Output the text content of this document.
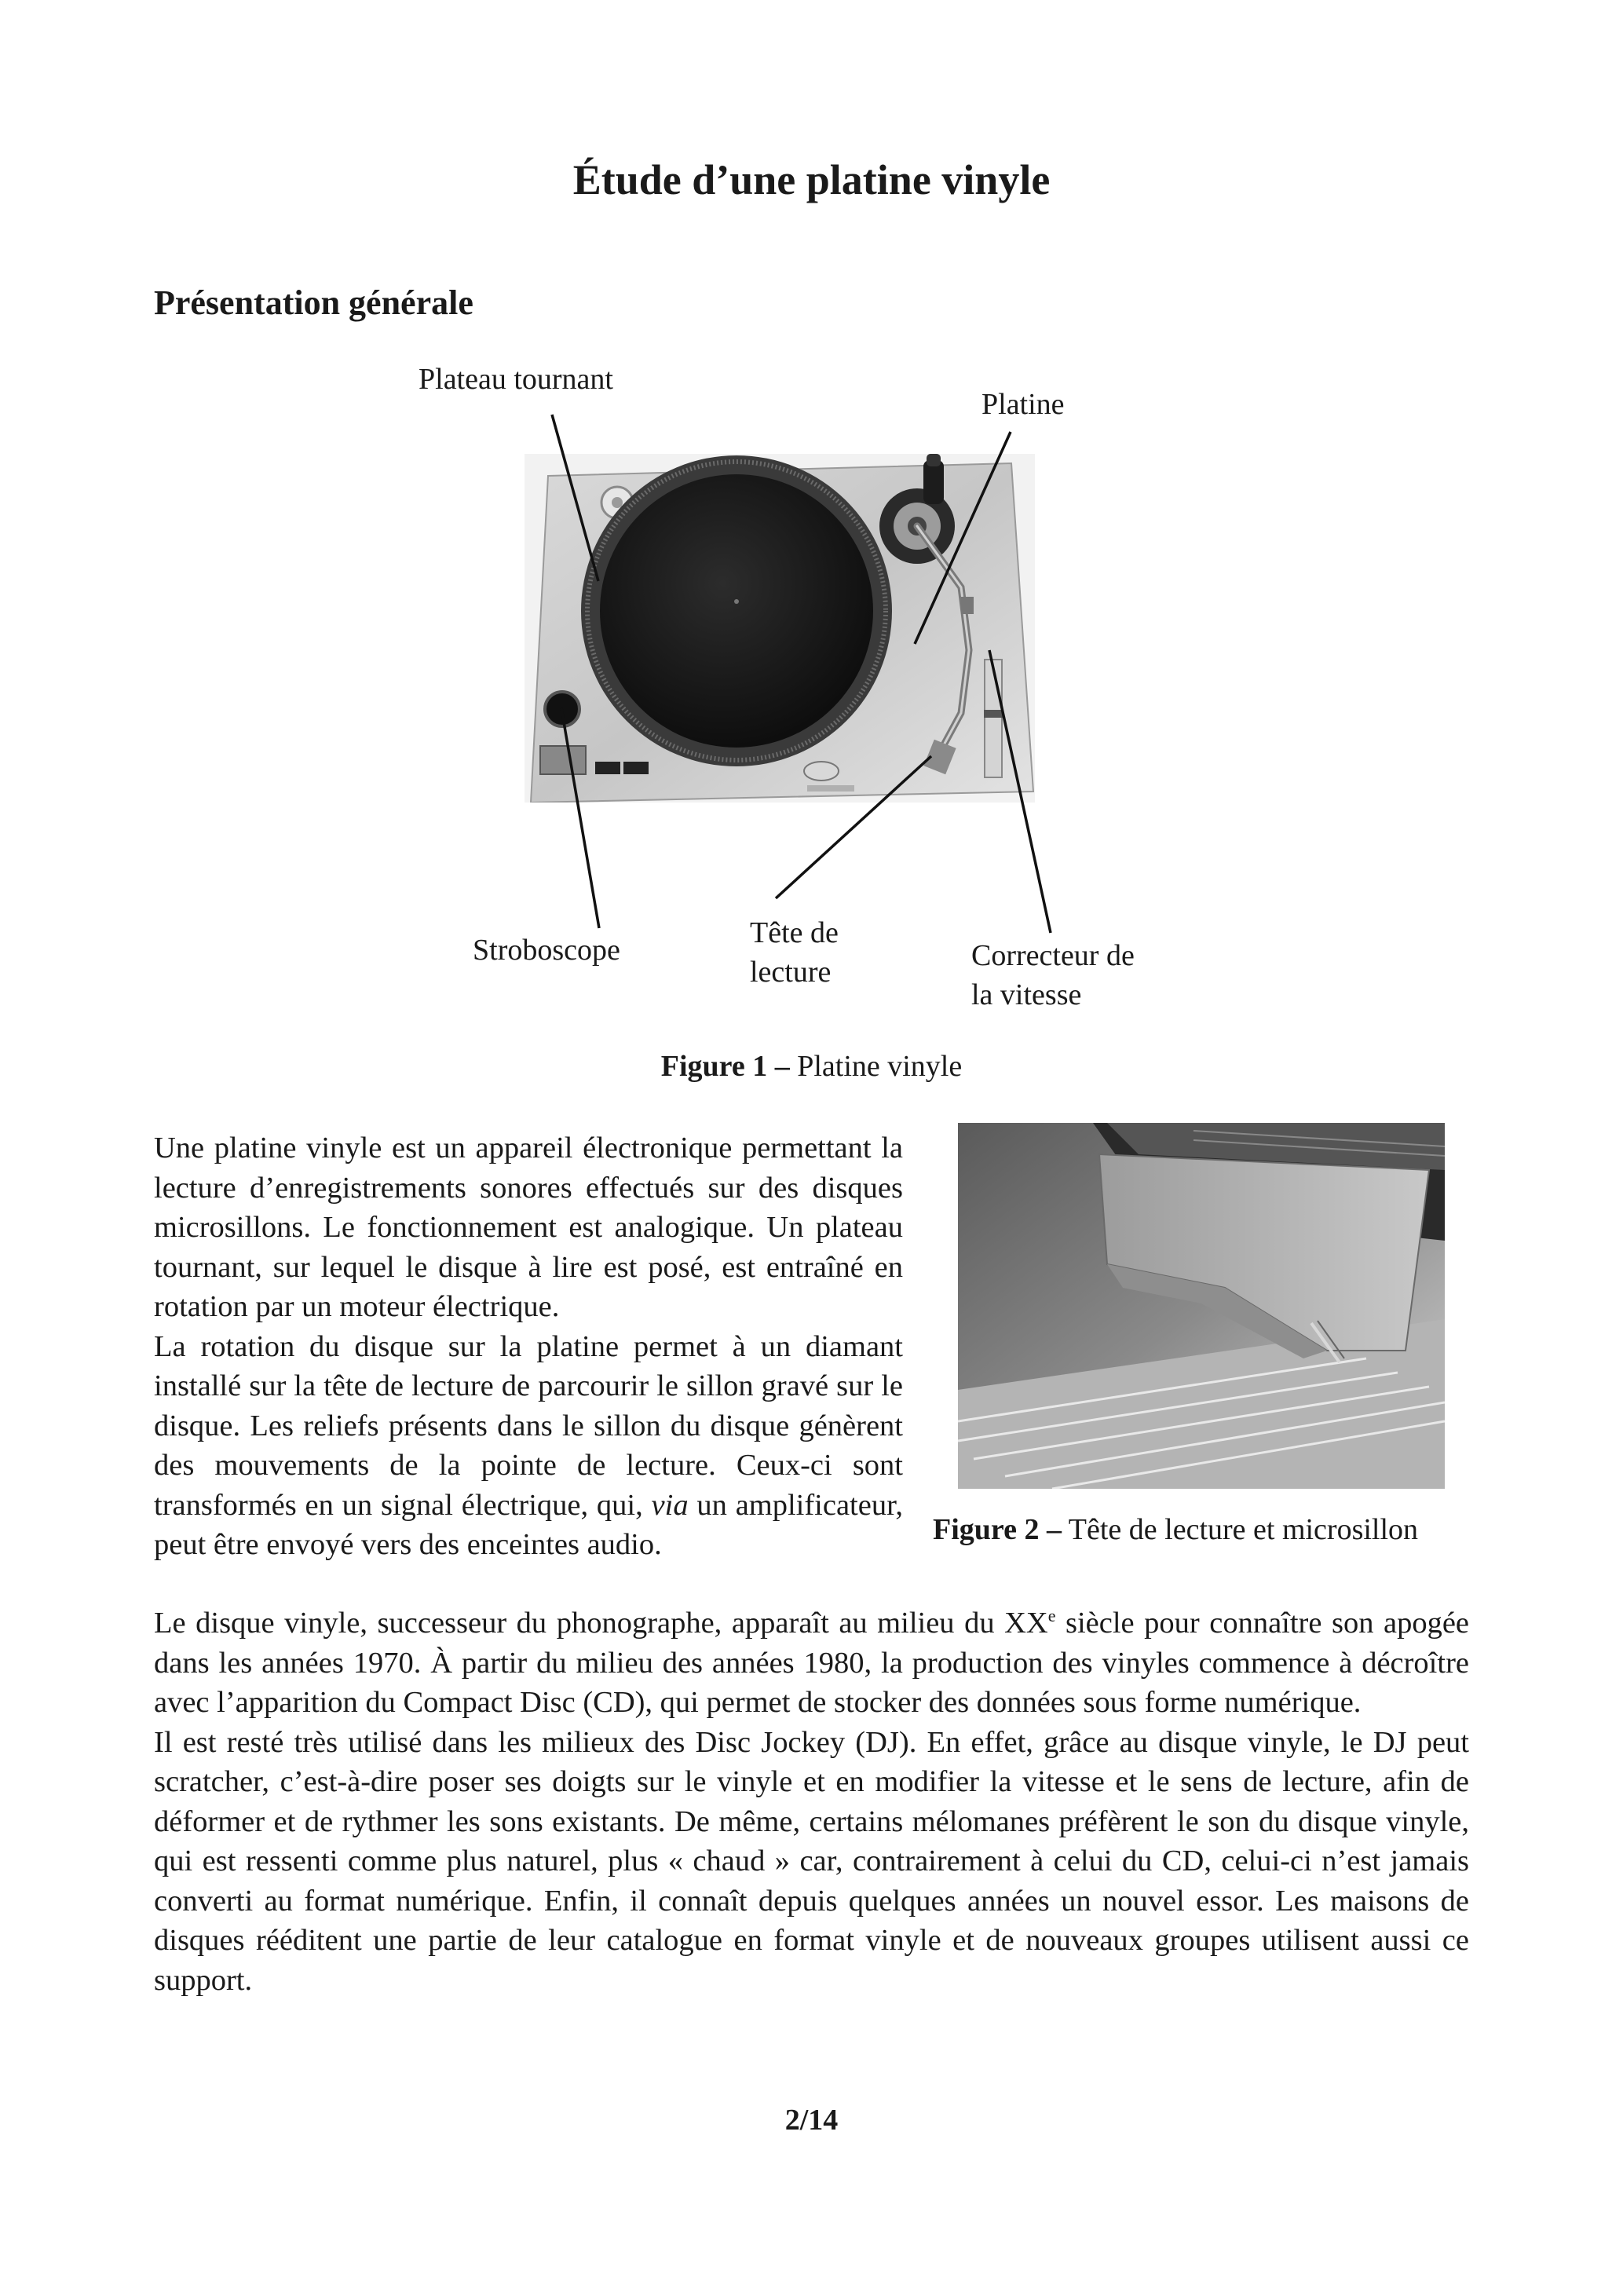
Étude d’une platine vinyle
Présentation générale
Plateau tournant
Platine
Stroboscope
Tête de
lecture	Correcteur de
la vitesse
Figure 1 – Platine vinyle

Une platine vinyle est un appareil électronique permettant la lecture d’enregistrements sonores effectués sur des disques microsillons. Le fonctionnement est analogique. Un plateau tournant, sur lequel le disque à lire est posé, est entraîné en rotation par un moteur électrique.

La rotation du disque sur la platine permet à un diamant installé sur la tête de lecture de parcourir le sillon gravé sur le disque. Les reliefs présents dans le sillon du disque génèrent des mouvements de la pointe de lecture. Ceux-ci sont transformés en un signal électrique, qui, via un amplificateur, peut être envoyé vers des enceintes audio.	Figure 2 – Tête de lecture et microsillon

Le disque vinyle, successeur du phonographe, apparaît au milieu du XXe siècle pour connaître son apogée dans les années 1970. À partir du milieu des années 1980, la production des vinyles commence à décroître avec l’apparition du Compact Disc (CD), qui permet de stocker des données sous forme numérique.

Il est resté très utilisé dans les milieux des Disc Jockey (DJ). En effet, grâce au disque vinyle, le DJ peut scratcher, c’est-à-dire poser ses doigts sur le vinyle et en modifier la vitesse et le sens de lecture, afin de déformer et de rythmer les sons existants. De même, certains mélomanes préfèrent le son du disque vinyle, qui est ressenti comme plus naturel, plus « chaud » car, contrairement à celui du CD, celui-ci n’est jamais converti au format numérique. Enfin, il connaît depuis quelques années un nouvel essor. Les maisons de disques rééditent une partie de leur catalogue en format vinyle et de nouveaux groupes utilisent aussi ce support.

2/14
